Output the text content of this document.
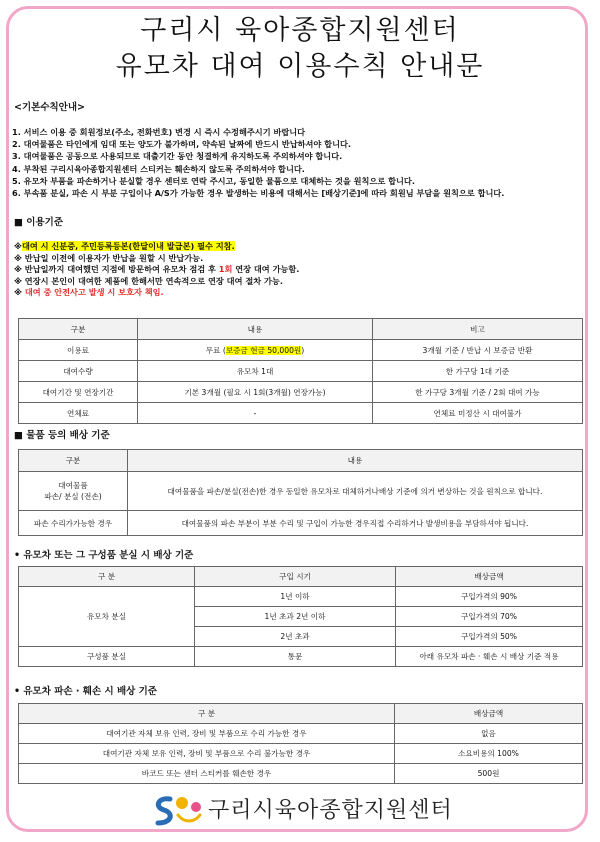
구리시 육아종합지원센터
유모차 대여 이용수칙 안내문
<기본수칙안내>
1. 서비스 이용 중 회원정보(주소, 전화번호) 변경 시 즉시 수정해주시기 바랍니다
2. 대여물품은 타인에게 임대 또는 양도가 불가하며, 약속된 날짜에 반드시 반납하셔야 합니다.
3. 대여물품은 공동으로 사용되므로 대출기간 동안 청결하게 유지하도록 주의하셔야 합니다.
4. 부착된 구리시육아종합지원센터 스티커는 훼손하지 않도록 주의하셔야 합니다.
5. 유모차 부품을 파손하거나 분실할 경우 센터로 연락 주시고, 동일한 물품으로 대체하는 것을 원칙으로 합니다.
6. 부속품 분실, 파손 시 부분 구입이나 A/S가 가능한 경우 발생하는 비용에 대해서는 [배상기준]에 따라 회원님 부담을 원칙으로 합니다.
■ 이용기준
※대여 시 신분증, 주민등록등본(한달이내 발급본) 필수 지참.
※ 반납일 이전에 이용자가 반납을 원할 시 반납가능.
※ 반납일까지 대여했던 지점에 방문하여 유모차 점검 후 1회 연장 대여 가능함.
※ 연장시 본인이 대여한 제품에 한해서만 연속적으로 연장 대여 절차 가능.
※ 대여 중 안전사고 발생 시 보호자 책임.
구분	내용	비고
이용료	무료 (보증금 현금 50,000원)	3개월 기준 / 반납 시 보증금 반환
대여수량	유모차 1대	한 가구당 1대 기준
대여기간 및 연장기간	기본 3개월 (필요 시 1회(3개월) 연장가능)	한 가구당 3개월 기준 / 2회 대여 가능
연체료	-	연체료 미정산 시 대여불가
■ 물품 등의 배상 기준
구분	내용

대여물품
파손/ 분실 (전손)	대여물품을 파손/분실(전손)한 경우 동일한 유모차로 대체하거나배상 기준에 의거 변상하는 것을 원칙으로 합니다.
파손 수리가가능한 경우	대여물품의 파손 부분이 부분 수리 및 구입이 가능한 경우직접 수리하거나 발생비용을 부담하셔야 됩니다.
• 유모차 또는 그 구성품 분실 시 배상 기준
구 분	구입 시기	배상금액
유모차 분실	1년 이하	구입가격의 90%
	1년 초과 2년 이하	구입가격의 70%
	2년 초과	구입가격의 50%
구성품 분실	통문	아래 유모차 파손 · 훼손 시 배상 기준 적용
• 유모차 파손 · 훼손 시 배상 기준
구 분	배상금액
대여기관 자체 보유 인력, 장비 및 부품으로 수리 가능한 경우	없음
대여기관 자체 보유 인력, 장비 및 부품으로 수리 불가능한 경우	소요비용의 100%
바코드 또는 센터 스티커를 훼손한 경우	500원
구리시육아종합지원센터
